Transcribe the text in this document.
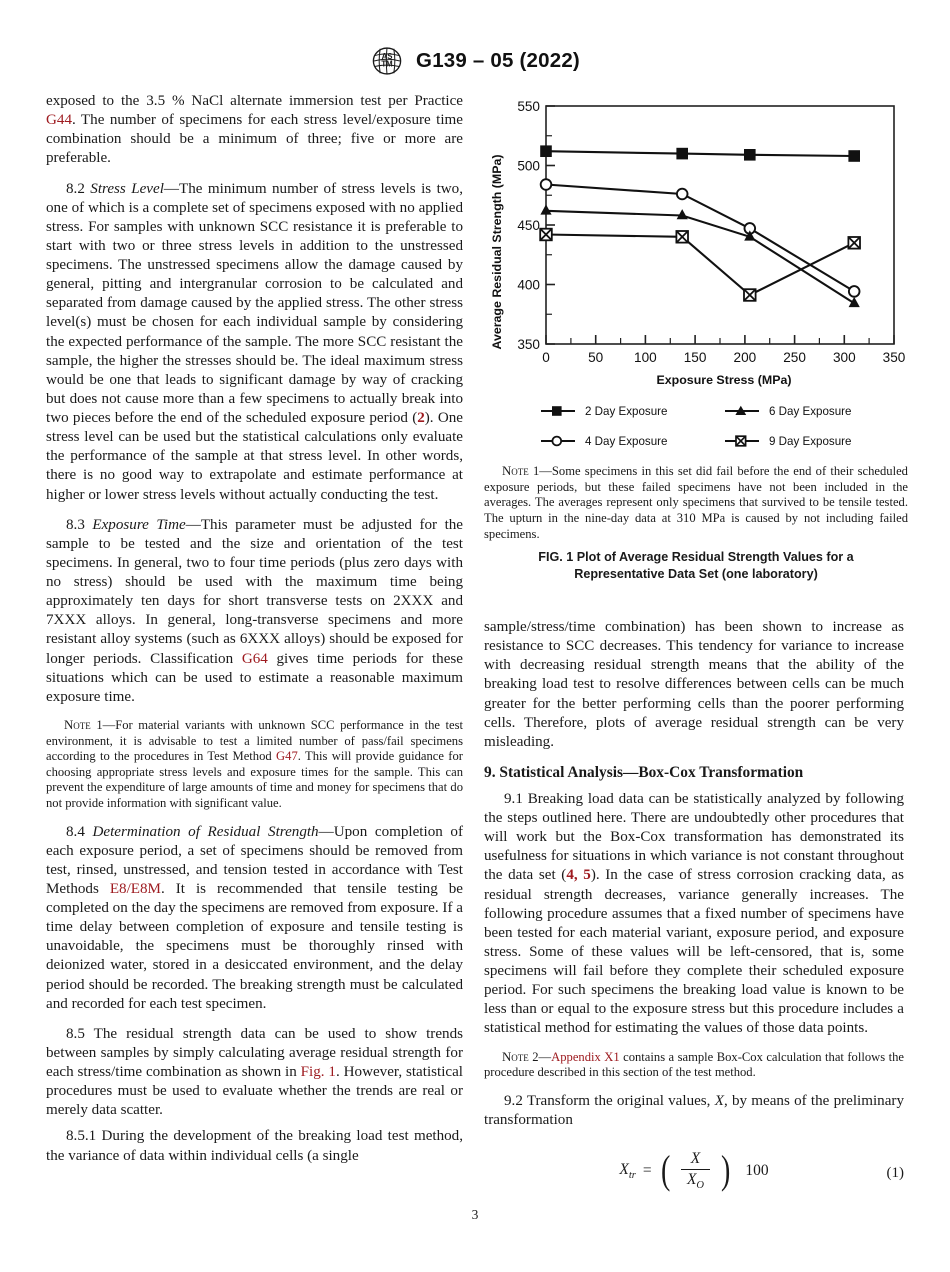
AS
TM G139 – 05 (2022)

exposed to the 3.5 % NaCl alternate immersion test per Practice G44. The number of specimens for each stress level/exposure time combination should be a minimum of three; five or more are preferable.

8.2 Stress Level—The minimum number of stress levels is two, one of which is a complete set of specimens exposed with no applied stress. For samples with unknown SCC resistance it is preferable to start with two or three stress levels in addition to the unstressed specimens. The unstressed specimens allow the damage caused by general, pitting and intergranular corrosion to be calculated and separated from damage caused by the applied stress. The other stress level(s) must be chosen for each individual sample by considering the expected performance of the sample. The more SCC resistant the sample, the higher the stresses should be. The ideal maximum stress would be one that leads to significant damage by way of cracking but does not cause more than a few specimens to actually break into two pieces before the end of the scheduled exposure period (2). One stress level can be used but the statistical calculations only evaluate the performance of the sample at that stress level. In other words, there is no good way to extrapolate and estimate performance at higher or lower stress levels without actually conducting the test.

8.3 Exposure Time—This parameter must be adjusted for the sample to be tested and the size and orientation of the test specimens. In general, two to four time periods (plus zero days with no stress) should be used with the maximum time being approximately ten days for short transverse tests on 2XXX and 7XXX alloys. In general, long-transverse specimens and more resistant alloy systems (such as 6XXX alloys) should be exposed for longer periods. Classification G64 gives time periods for these situations which can be used to estimate a reasonable maximum exposure time.

Note 1—For material variants with unknown SCC performance in the test environment, it is advisable to test a limited number of pass/fail specimens according to the procedures in Test Method G47. This will provide guidance for choosing appropriate stress levels and exposure times for the sample. This can prevent the expenditure of large amounts of time and money for specimens that do not provide information with significant value.

8.4 Determination of Residual Strength—Upon completion of each exposure period, a set of specimens should be removed from test, rinsed, unstressed, and tension tested in accordance with Test Methods E8/E8M. It is recommended that tensile testing be completed on the day the specimens are removed from exposure. If a time delay between completion of exposure and tensile testing is unavoidable, the specimens must be thoroughly rinsed with deionized water, stored in a desiccated environment, and the delay period should be recorded. The breaking strength must be calculated and recorded for each test specimen.

8.5 The residual strength data can be used to show trends between samples by simply calculating average residual strength for each stress/time combination as shown in Fig. 1. However, statistical procedures must be used to evaluate whether the trends are real or merely data scatter.

8.5.1 During the development of the breaking load test method, the variance of data within individual cells (a single

Average Residual Strength (MPa)
Exposure Stress (MPa)
350
400
450
500
550
0	50 100 150 200 250 300 350
2 Day Exposure	6 Day Exposure
4 Day Exposure	9 Day Exposure

Note 1—Some specimens in this set did fail before the end of their scheduled exposure periods, but these failed specimens have not been included in the averages. The averages represent only specimens that survived to be tensile tested. The upturn in the nine-day data at 310 MPa is caused by not including failed specimens.

FIG. 1 Plot of Average Residual Strength Values for a
Representative Data Set (one laboratory)

sample/stress/time combination) has been shown to increase as resistance to SCC decreases. This tendency for variance to increase with decreasing residual strength means that the ability of the breaking load test to resolve differences between cells can be much greater for the better performing cells than the poorer performing cells. Therefore, plots of average residual strength can be very misleading.

9. Statistical Analysis—Box-Cox Transformation

9.1 Breaking load data can be statistically analyzed by following the steps outlined here. There are undoubtedly other procedures that will work but the Box-Cox transformation has demonstrated its usefulness for situations in which variance is not constant throughout the data set (4, 5). In the case of stress corrosion cracking data, as residual strength decreases, variance generally increases. The following procedure assumes that a fixed number of specimens have been tested for each material variant, exposure period, and exposure stress. Some of these values will be left-censored, that is, some specimens will fail before they complete their scheduled exposure period. For such specimens the breaking load value is known to be less than or equal to the exposure stress but this procedure includes a statistical method for estimating the values of those data points.

Note 2—Appendix X1 contains a sample Box-Cox calculation that follows the procedure described in this section of the test method.

9.2 Transform the original values, X, by means of the preliminary transformation

$X_{tr}$ = ( $\frac{X}{X_O}$ ) 100	(1)
3
